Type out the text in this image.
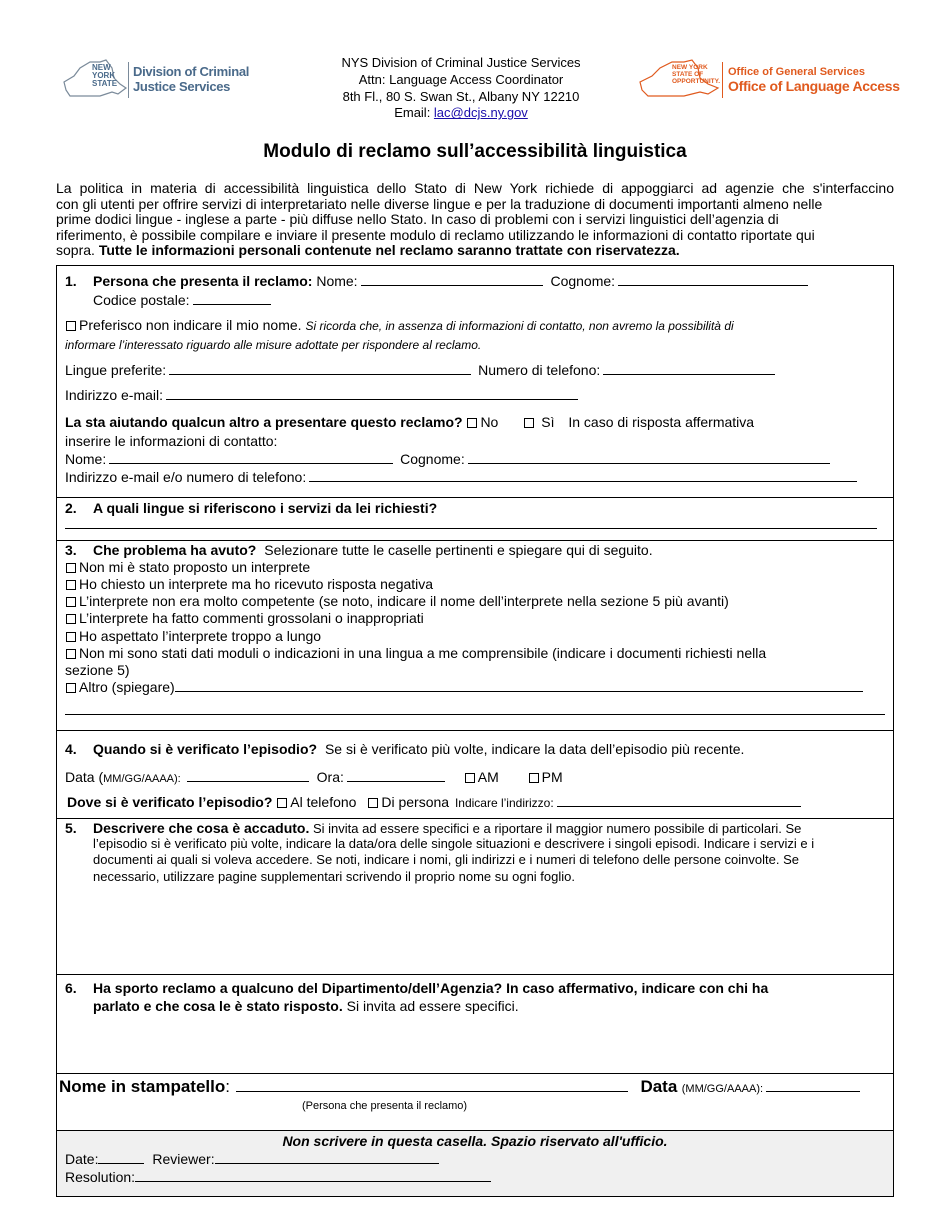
NEW YORK STATE
Division of Criminal
Justice Services
NYS Division of Criminal Justice Services
Attn: Language Access Coordinator
8th Fl., 80 S. Swan St., Albany NY 12210
Email: lac@dcjs.ny.gov
NEW YORK STATE OF OPPORTUNITY.
Office of General Services
Office of Language Access
Modulo di reclamo sull’accessibilità linguistica
La politica in materia di accessibilità linguistica dello Stato di New York richiede di appoggiarci ad agenzie che s'interfaccino
con gli utenti per offrire servizi di interpretariato nelle diverse lingue e per la traduzione di documenti importanti almeno nelle
prime dodici lingue - inglese a parte - più diffuse nello Stato. In caso di problemi con i servizi linguistici dell’agenzia di
riferimento, è possibile compilare e inviare il presente modulo di reclamo utilizzando le informazioni di contatto riportate qui
sopra. Tutte le informazioni personali contenute nel reclamo saranno trattate con riservatezza.
1. Persona che presenta il reclamo: Nome:	Cognome:
Codice postale:
Preferisco non indicare il mio nome. Si ricorda che, in assenza di informazioni di contatto, non avremo la possibilità di
informare l’interessato riguardo alle misure adottate per rispondere al reclamo.
Lingue preferite:	Numero di telefono:
Indirizzo e-mail:
La sta aiutando qualcun altro a presentare questo reclamo? No	Sì In caso di risposta affermativa
inserire le informazioni di contatto:
Nome:	Cognome:
Indirizzo e-mail e/o numero di telefono:
2. A quali lingue si riferiscono i servizi da lei richiesti?
3. Che problema ha avuto? Selezionare tutte le caselle pertinenti e spiegare qui di seguito.
Non mi è stato proposto un interprete
Ho chiesto un interprete ma ho ricevuto risposta negativa
L’interprete non era molto competente (se noto, indicare il nome dell’interprete nella sezione 5 più avanti)
L’interprete ha fatto commenti grossolani o inappropriati
Ho aspettato l’interprete troppo a lungo
Non mi sono stati dati moduli o indicazioni in una lingua a me comprensibile (indicare i documenti richiesti nella
sezione 5)
Altro (spiegare)
4. Quando si è verificato l’episodio? Se si è verificato più volte, indicare la data dell’episodio più recente.
Data (MM/GG/AAAA):	Ora:	AM	PM
Dove si è verificato l’episodio? Al telefono Di persona Indicare l’indirizzo:
5. Descrivere che cosa è accaduto. Si invita ad essere specifici e a riportare il maggior numero possibile di particolari. Se
l’episodio si è verificato più volte, indicare la data/ora delle singole situazioni e descrivere i singoli episodi. Indicare i servizi e i
documenti ai quali si voleva accedere. Se noti, indicare i nomi, gli indirizzi e i numeri di telefono delle persone coinvolte. Se
necessario, utilizzare pagine supplementari scrivendo il proprio nome su ogni foglio.
6. Ha sporto reclamo a qualcuno del Dipartimento/dell’Agenzia? In caso affermativo, indicare con chi ha
parlato e che cosa le è stato risposto. Si invita ad essere specifici.
Nome in stampatello:	Data (MM/GG/AAAA):
(Persona che presenta il reclamo)
Non scrivere in questa casella. Spazio riservato all'ufficio.
Date:	Reviewer:
Resolution:
